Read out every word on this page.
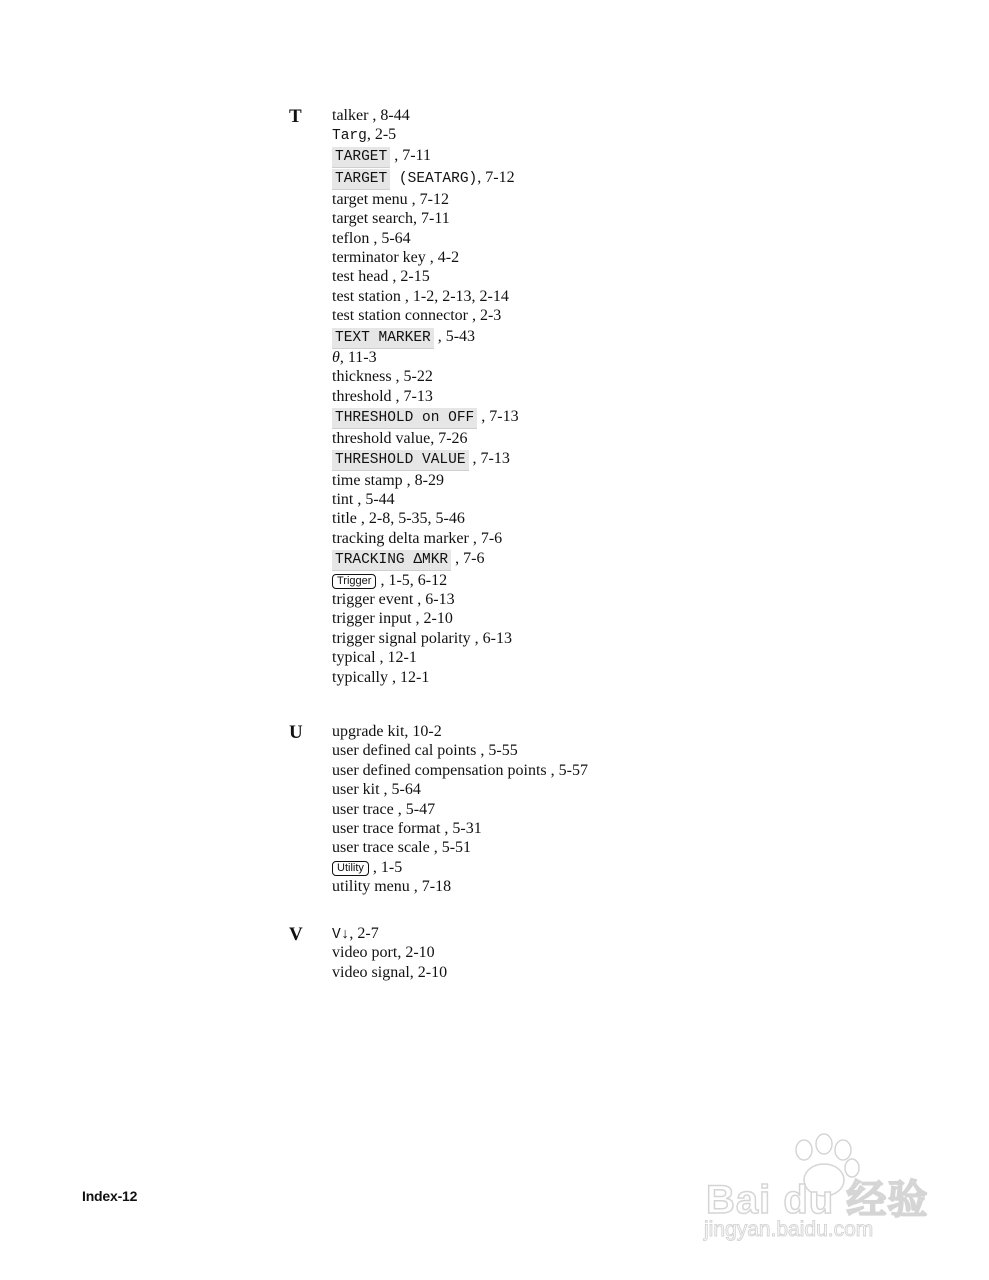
T talker , 8-44
Targ, 2-5
TARGET , 7-11
TARGET (SEATARG), 7-12
target menu , 7-12
target search, 7-11
teflon , 5-64
terminator key , 4-2
test head , 2-15
test station , 1-2, 2-13, 2-14
test station connector , 2-3
TEXT MARKER , 5-43
θ, 11-3
thickness , 5-22
threshold , 7-13
THRESHOLD on OFF , 7-13
threshold value, 7-26
THRESHOLD VALUE , 7-13
time stamp , 8-29
tint , 5-44
title , 2-8, 5-35, 5-46
tracking delta marker , 7-6
TRACKING ΔMKR , 7-6
Trigger , 1-5, 6-12
trigger event , 6-13
trigger input , 2-10
trigger signal polarity , 6-13
typical , 12-1
typically , 12-1
U upgrade kit, 10-2
user defined cal points , 5-55
user defined compensation points , 5-57
user kit , 5-64
user trace , 5-47
user trace format , 5-31
user trace scale , 5-51
Utility , 1-5
utility menu , 7-18
V V↓, 2-7
video port, 2-10
video signal, 2-10
Index-12	Bai du 经验
jingyan.baidu.com
